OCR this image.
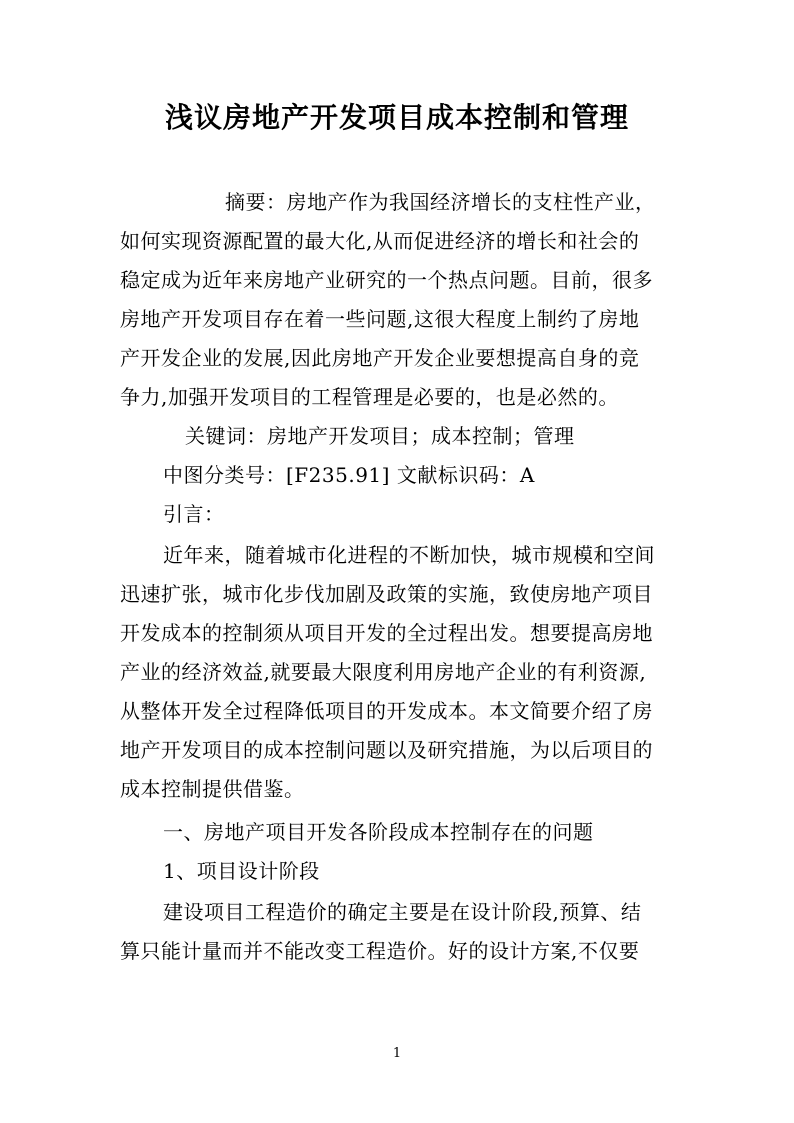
浅议房地产开发项目成本控制和管理
摘要：房地产作为我国经济增长的支柱性产业，
如何实现资源配置的最大化,从而促进经济的增长和社会的
稳定成为近年来房地产业研究的一个热点问题。目前，很多
房地产开发项目存在着一些问题,这很大程度上制约了房地
产开发企业的发展,因此房地产开发企业要想提高自身的竞
争力,加强开发项目的工程管理是必要的，也是必然的。
关键词：房地产开发项目；成本控制；管理
中图分类号：[F235.91] 文献标识码：A
引言：
近年来，随着城市化进程的不断加快，城市规模和空间
迅速扩张，城市化步伐加剧及政策的实施，致使房地产项目
开发成本的控制须从项目开发的全过程出发。想要提高房地
产业的经济效益,就要最大限度利用房地产企业的有利资源,
从整体开发全过程降低项目的开发成本。本文简要介绍了房
地产开发项目的成本控制问题以及研究措施，为以后项目的
成本控制提供借鉴。
一、房地产项目开发各阶段成本控制存在的问题
1、项目设计阶段
建设项目工程造价的确定主要是在设计阶段,预算、结
算只能计量而并不能改变工程造价。好的设计方案,不仅要
1
